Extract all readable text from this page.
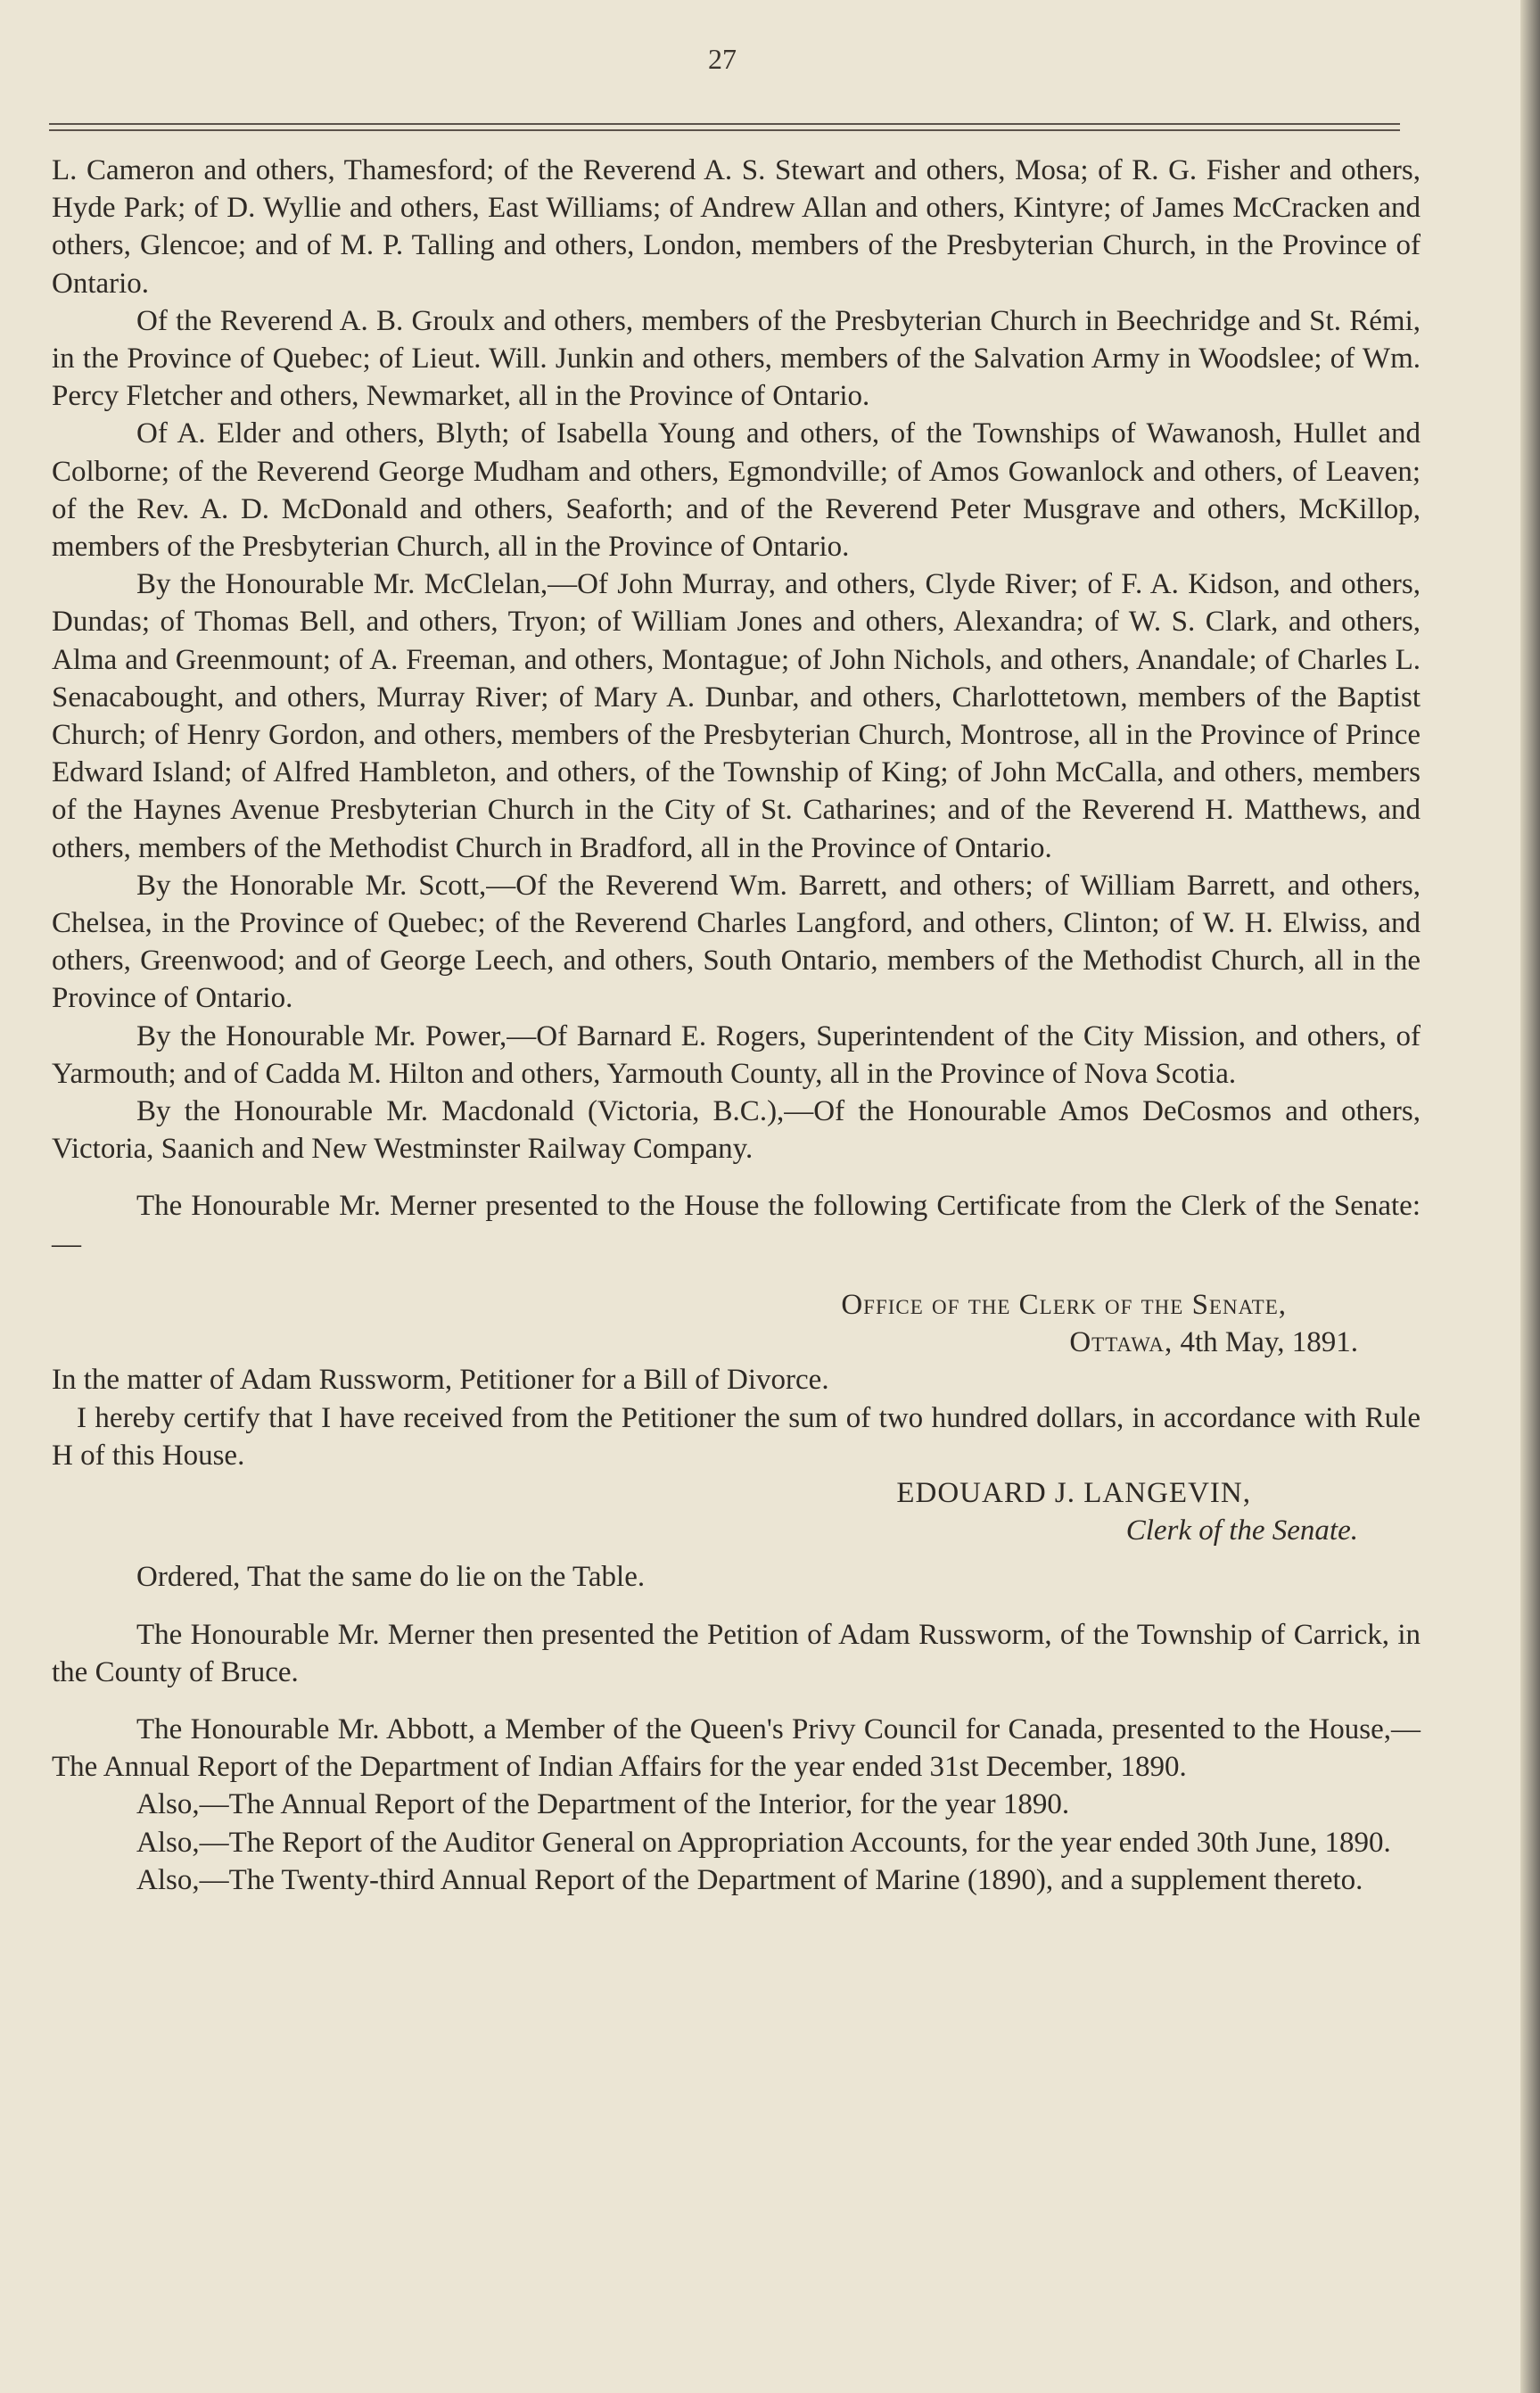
27

L. Cameron and others, Thamesford; of the Reverend A. S. Stewart and others, Mosa; of R. G. Fisher and others, Hyde Park; of D. Wyllie and others, East Williams; of Andrew Allan and others, Kintyre; of James McCracken and others, Glencoe; and of M. P. Talling and others, London, members of the Presbyterian Church, in the Province of Ontario.

Of the Reverend A. B. Groulx and others, members of the Presbyterian Church in Beechridge and St. Rémi, in the Province of Quebec; of Lieut. Will. Junkin and others, members of the Salvation Army in Woodslee; of Wm. Percy Fletcher and others, Newmarket, all in the Province of Ontario.

Of A. Elder and others, Blyth; of Isabella Young and others, of the Townships of Wawanosh, Hullet and Colborne; of the Reverend George Mudham and others, Egmondville; of Amos Gowanlock and others, of Leaven; of the Rev. A. D. McDonald and others, Seaforth; and of the Reverend Peter Musgrave and others, McKillop, members of the Presbyterian Church, all in the Province of Ontario.

By the Honourable Mr. McClelan,—Of John Murray, and others, Clyde River; of F. A. Kidson, and others, Dundas; of Thomas Bell, and others, Tryon; of William Jones and others, Alexandra; of W. S. Clark, and others, Alma and Greenmount; of A. Freeman, and others, Montague; of John Nichols, and others, Anandale; of Charles L. Senacabought, and others, Murray River; of Mary A. Dunbar, and others, Charlottetown, members of the Baptist Church; of Henry Gordon, and others, members of the Presbyterian Church, Montrose, all in the Province of Prince Edward Island; of Alfred Hambleton, and others, of the Township of King; of John McCalla, and others, members of the Haynes Avenue Presbyterian Church in the City of St. Catharines; and of the Reverend H. Matthews, and others, members of the Methodist Church in Bradford, all in the Province of Ontario.

By the Honorable Mr. Scott,—Of the Reverend Wm. Barrett, and others; of William Barrett, and others, Chelsea, in the Province of Quebec; of the Reverend Charles Langford, and others, Clinton; of W. H. Elwiss, and others, Greenwood; and of George Leech, and others, South Ontario, members of the Methodist Church, all in the Province of Ontario.

By the Honourable Mr. Power,—Of Barnard E. Rogers, Superintendent of the City Mission, and others, of Yarmouth; and of Cadda M. Hilton and others, Yarmouth County, all in the Province of Nova Scotia.

By the Honourable Mr. Macdonald (Victoria, B.C.),—Of the Honourable Amos DeCosmos and others, Victoria, Saanich and New Westminster Railway Company.

The Honourable Mr. Merner presented to the House the following Certificate from the Clerk of the Senate:—

Office of the Clerk of the Senate,

Ottawa, 4th May, 1891.

In the matter of Adam Russworm, Petitioner for a Bill of Divorce.

I hereby certify that I have received from the Petitioner the sum of two hundred dollars, in accordance with Rule H of this House.

EDOUARD J. LANGEVIN,

Clerk of the Senate.

Ordered, That the same do lie on the Table.

The Honourable Mr. Merner then presented the Petition of Adam Russworm, of the Township of Carrick, in the County of Bruce.

The Honourable Mr. Abbott, a Member of the Queen's Privy Council for Canada, presented to the House,—The Annual Report of the Department of Indian Affairs for the year ended 31st December, 1890.

Also,—The Annual Report of the Department of the Interior, for the year 1890.

Also,—The Report of the Auditor General on Appropriation Accounts, for the year ended 30th June, 1890.

Also,—The Twenty-third Annual Report of the Department of Marine (1890), and a supplement thereto.
